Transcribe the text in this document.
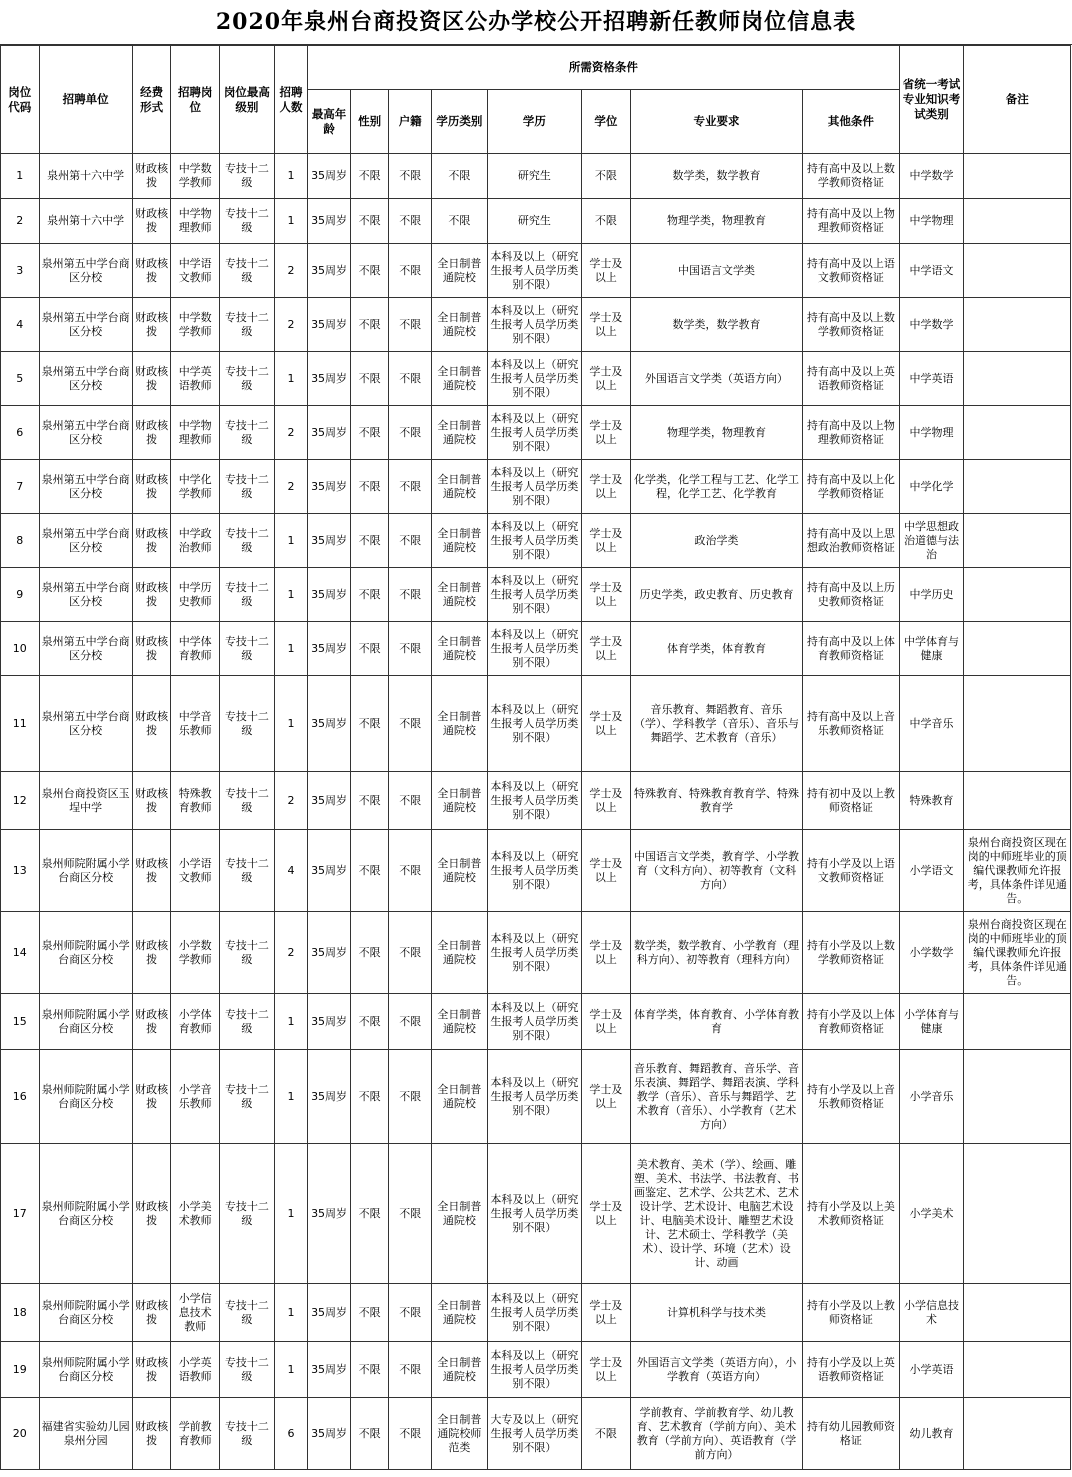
2020年泉州台商投资区公办学校公开招聘新任教师岗位信息表
岗位代码	招聘单位	经费形式	招聘岗位	岗位最高级别	招聘人数	所需资格条件								省统一考试专业知识考试类别	备注
						最高年龄	性别	户籍	学历类别	学历	学位	专业要求	其他条件		
1	泉州第十六中学	财政核拨	中学数学教师	专技十二级	1	35周岁	不限	不限	不限	研究生	不限	数学类，数学教育	持有高中及以上数学教师资格证	中学数学	
2	泉州第十六中学	财政核拨	中学物理教师	专技十二级	1	35周岁	不限	不限	不限	研究生	不限	物理学类，物理教育	持有高中及以上物理教师资格证	中学物理	
3	泉州第五中学台商区分校	财政核拨	中学语文教师	专技十二级	2	35周岁	不限	不限	全日制普通院校	本科及以上（研究生报考人员学历类别不限）	学士及以上	中国语言文学类	持有高中及以上语文教师资格证	中学语文	
4	泉州第五中学台商区分校	财政核拨	中学数学教师	专技十二级	2	35周岁	不限	不限	全日制普通院校	本科及以上（研究生报考人员学历类别不限）	学士及以上	数学类，数学教育	持有高中及以上数学教师资格证	中学数学	
5	泉州第五中学台商区分校	财政核拨	中学英语教师	专技十二级	1	35周岁	不限	不限	全日制普通院校	本科及以上（研究生报考人员学历类别不限）	学士及以上	外国语言文学类（英语方向）	持有高中及以上英语教师资格证	中学英语	
6	泉州第五中学台商区分校	财政核拨	中学物理教师	专技十二级	2	35周岁	不限	不限	全日制普通院校	本科及以上（研究生报考人员学历类别不限）	学士及以上	物理学类，物理教育	持有高中及以上物理教师资格证	中学物理	
7	泉州第五中学台商区分校	财政核拨	中学化学教师	专技十二级	2	35周岁	不限	不限	全日制普通院校	本科及以上（研究生报考人员学历类别不限）	学士及以上	化学类，化学工程与工艺、化学工程，化学工艺、化学教育	持有高中及以上化学教师资格证	中学化学	
8	泉州第五中学台商区分校	财政核拨	中学政治教师	专技十二级	1	35周岁	不限	不限	全日制普通院校	本科及以上（研究生报考人员学历类别不限）	学士及以上	政治学类	持有高中及以上思想政治教师资格证	中学思想政治道德与法治	
9	泉州第五中学台商区分校	财政核拨	中学历史教师	专技十二级	1	35周岁	不限	不限	全日制普通院校	本科及以上（研究生报考人员学历类别不限）	学士及以上	历史学类，政史教育、历史教育	持有高中及以上历史教师资格证	中学历史	
10	泉州第五中学台商区分校	财政核拨	中学体育教师	专技十二级	1	35周岁	不限	不限	全日制普通院校	本科及以上（研究生报考人员学历类别不限）	学士及以上	体育学类，体育教育	持有高中及以上体育教师资格证	中学体育与健康	
11	泉州第五中学台商区分校	财政核拨	中学音乐教师	专技十二级	1	35周岁	不限	不限	全日制普通院校	本科及以上（研究生报考人员学历类别不限）	学士及以上	音乐教育、舞蹈教育、音乐（学）、学科教学（音乐）、音乐与舞蹈学、艺术教育（音乐）	持有高中及以上音乐教师资格证	中学音乐	
12	泉州台商投资区玉埕中学	财政核拨	特殊教育教师	专技十二级	2	35周岁	不限	不限	全日制普通院校	本科及以上（研究生报考人员学历类别不限）	学士及以上	特殊教育、特殊教育教育学、特殊教育学	持有初中及以上教师资格证	特殊教育	
13	泉州师院附属小学台商区分校	财政核拨	小学语文教师	专技十二级	4	35周岁	不限	不限	全日制普通院校	本科及以上（研究生报考人员学历类别不限）	学士及以上	中国语言文学类，教育学、小学教育（文科方向）、初等教育（文科方向）	持有小学及以上语文教师资格证	小学语文	泉州台商投资区现在岗的中师班毕业的顶编代课教师允许报考，具体条件详见通告。
14	泉州师院附属小学台商区分校	财政核拨	小学数学教师	专技十二级	2	35周岁	不限	不限	全日制普通院校	本科及以上（研究生报考人员学历类别不限）	学士及以上	数学类，数学教育、小学教育（理科方向）、初等教育（理科方向）	持有小学及以上数学教师资格证	小学数学	泉州台商投资区现在岗的中师班毕业的顶编代课教师允许报考，具体条件详见通告。
15	泉州师院附属小学台商区分校	财政核拨	小学体育教师	专技十二级	1	35周岁	不限	不限	全日制普通院校	本科及以上（研究生报考人员学历类别不限）	学士及以上	体育学类，体育教育、小学体育教育	持有小学及以上体育教师资格证	小学体育与健康	
16	泉州师院附属小学台商区分校	财政核拨	小学音乐教师	专技十二级	1	35周岁	不限	不限	全日制普通院校	本科及以上（研究生报考人员学历类别不限）	学士及以上	音乐教育、舞蹈教育、音乐学、音乐表演、舞蹈学、舞蹈表演、学科教学（音乐）、音乐与舞蹈学、艺术教育（音乐）、小学教育（艺术方向）	持有小学及以上音乐教师资格证	小学音乐	
17	泉州师院附属小学台商区分校	财政核拨	小学美术教师	专技十二级	1	35周岁	不限	不限	全日制普通院校	本科及以上（研究生报考人员学历类别不限）	学士及以上	美术教育、美术（学）、绘画、雕塑、美术、书法学、书法教育、书画鉴定、艺术学、公共艺术、艺术设计学、艺术设计、电脑艺术设计、电脑美术设计、雕塑艺术设计、艺术硕士、学科教学（美术）、设计学、环境（艺术）设计、动画	持有小学及以上美术教师资格证	小学美术	
18	泉州师院附属小学台商区分校	财政核拨	小学信息技术教师	专技十二级	1	35周岁	不限	不限	全日制普通院校	本科及以上（研究生报考人员学历类别不限）	学士及以上	计算机科学与技术类	持有小学及以上教师资格证	小学信息技术	
19	泉州师院附属小学台商区分校	财政核拨	小学英语教师	专技十二级	1	35周岁	不限	不限	全日制普通院校	本科及以上（研究生报考人员学历类别不限）	学士及以上	外国语言文学类（英语方向），小学教育（英语方向）	持有小学及以上英语教师资格证	小学英语	
20	福建省实验幼儿园泉州分园	财政核拨	学前教育教师	专技十二级	6	35周岁	不限	不限	全日制普通院校师范类	大专及以上（研究生报考人员学历类别不限）	不限	学前教育、学前教育学、幼儿教育、艺术教育（学前方向）、美术教育（学前方向）、英语教育（学前方向）	持有幼儿园教师资格证	幼儿教育	
